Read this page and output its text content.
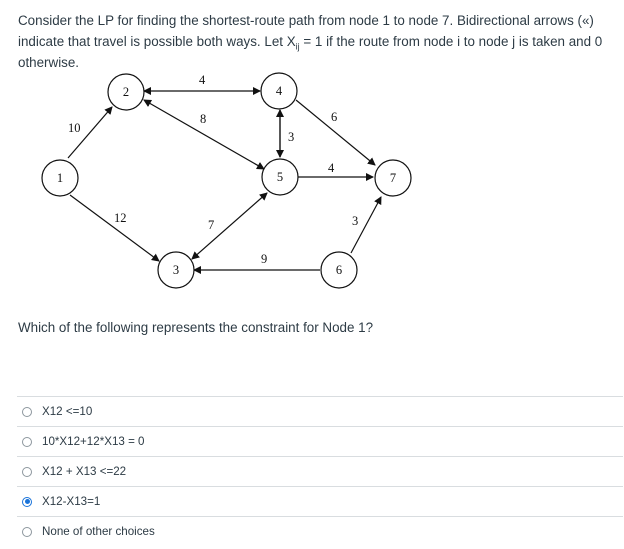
Consider the LP for finding the shortest-route path from node 1 to node 7. Bidirectional arrows («) indicate that travel is possible both ways. Let $X_{ij} = 1$ if the route from node i to node j is taken and 0 otherwise.
10
12
4
8
3
6
7
9
4
3
1
2
3
4
5
6
7
Which of the following represents the constraint for Node 1?
X12 <=10
10*X12+12*X13 = 0
X12 + X13 <=22
X12-X13=1
None of other choices
